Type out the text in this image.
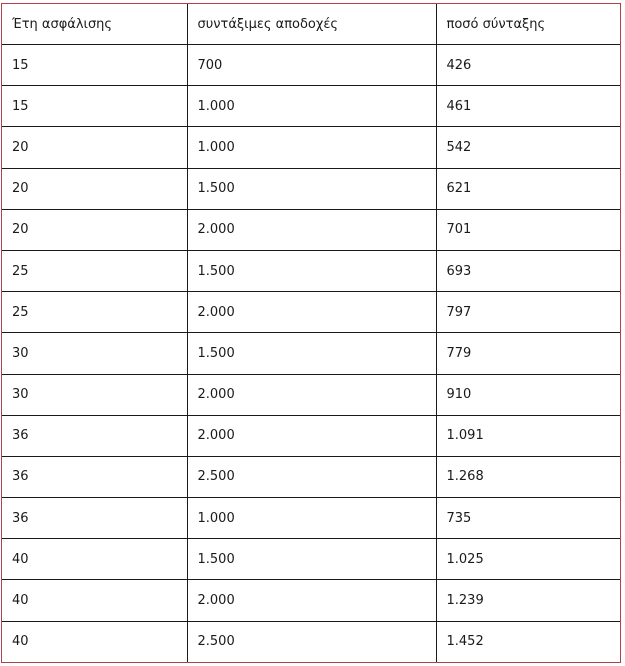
Έτη ασφάλισης	συντάξιμες αποδοχές	ποσό σύνταξης
15	700	426
15	1.000	461
20	1.000	542
20	1.500	621
20	2.000	701
25	1.500	693
25	2.000	797
30	1.500	779
30	2.000	910
36	2.000	1.091
36	2.500	1.268
36	1.000	735
40	1.500	1.025
40	2.000	1.239
40	2.500	1.452
